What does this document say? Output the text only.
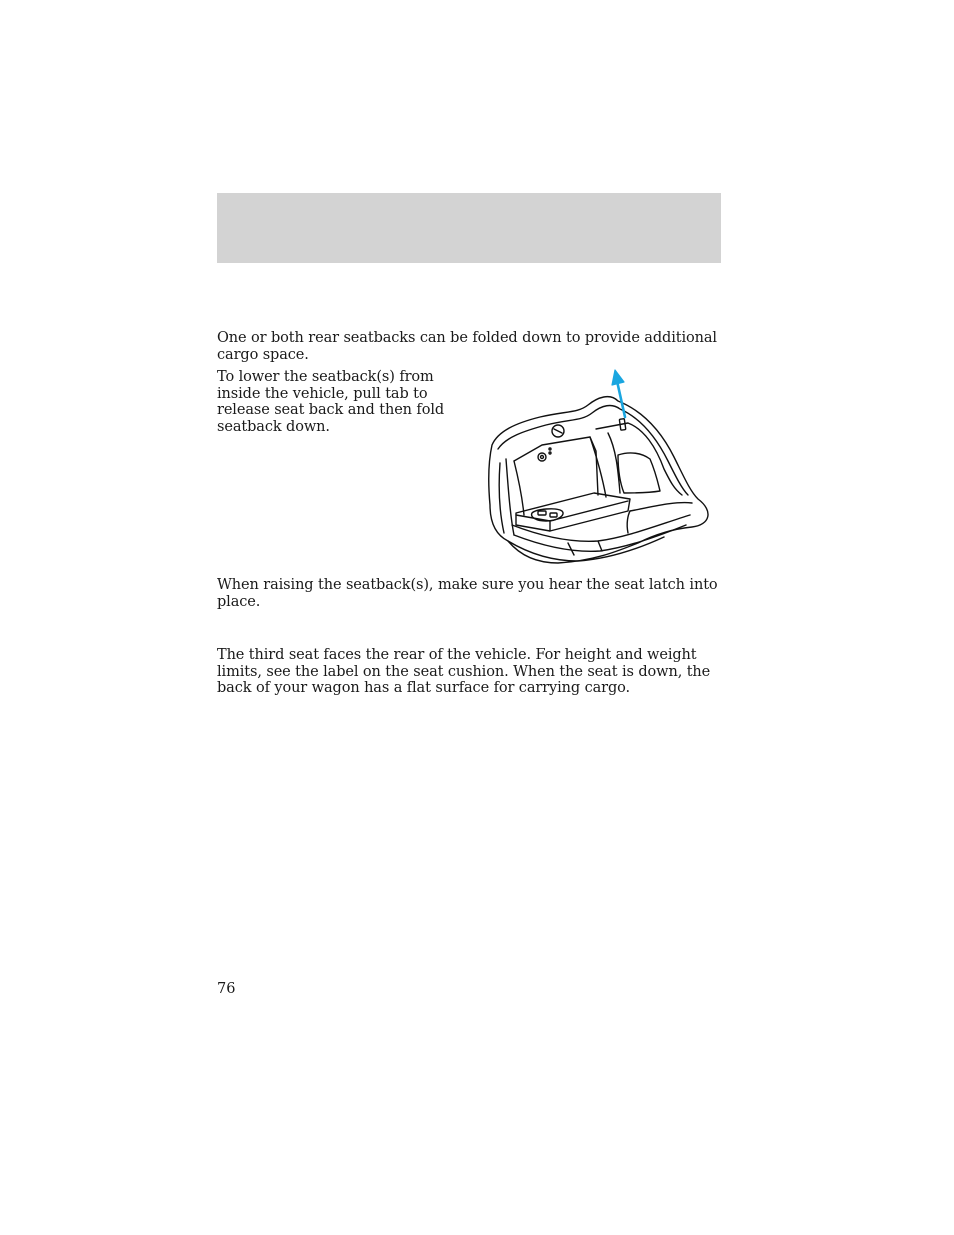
One or both rear seatbacks can be folded down to provide additional cargo space.

To lower the seatback(s) from inside the vehicle, pull tab to release seat back and then fold seatback down.

When raising the seatback(s), make sure you hear the seat latch into place.

The third seat faces the rear of the vehicle. For height and weight limits, see the label on the seat cushion. When the seat is down, the back of your wagon has a flat surface for carrying cargo.

76
